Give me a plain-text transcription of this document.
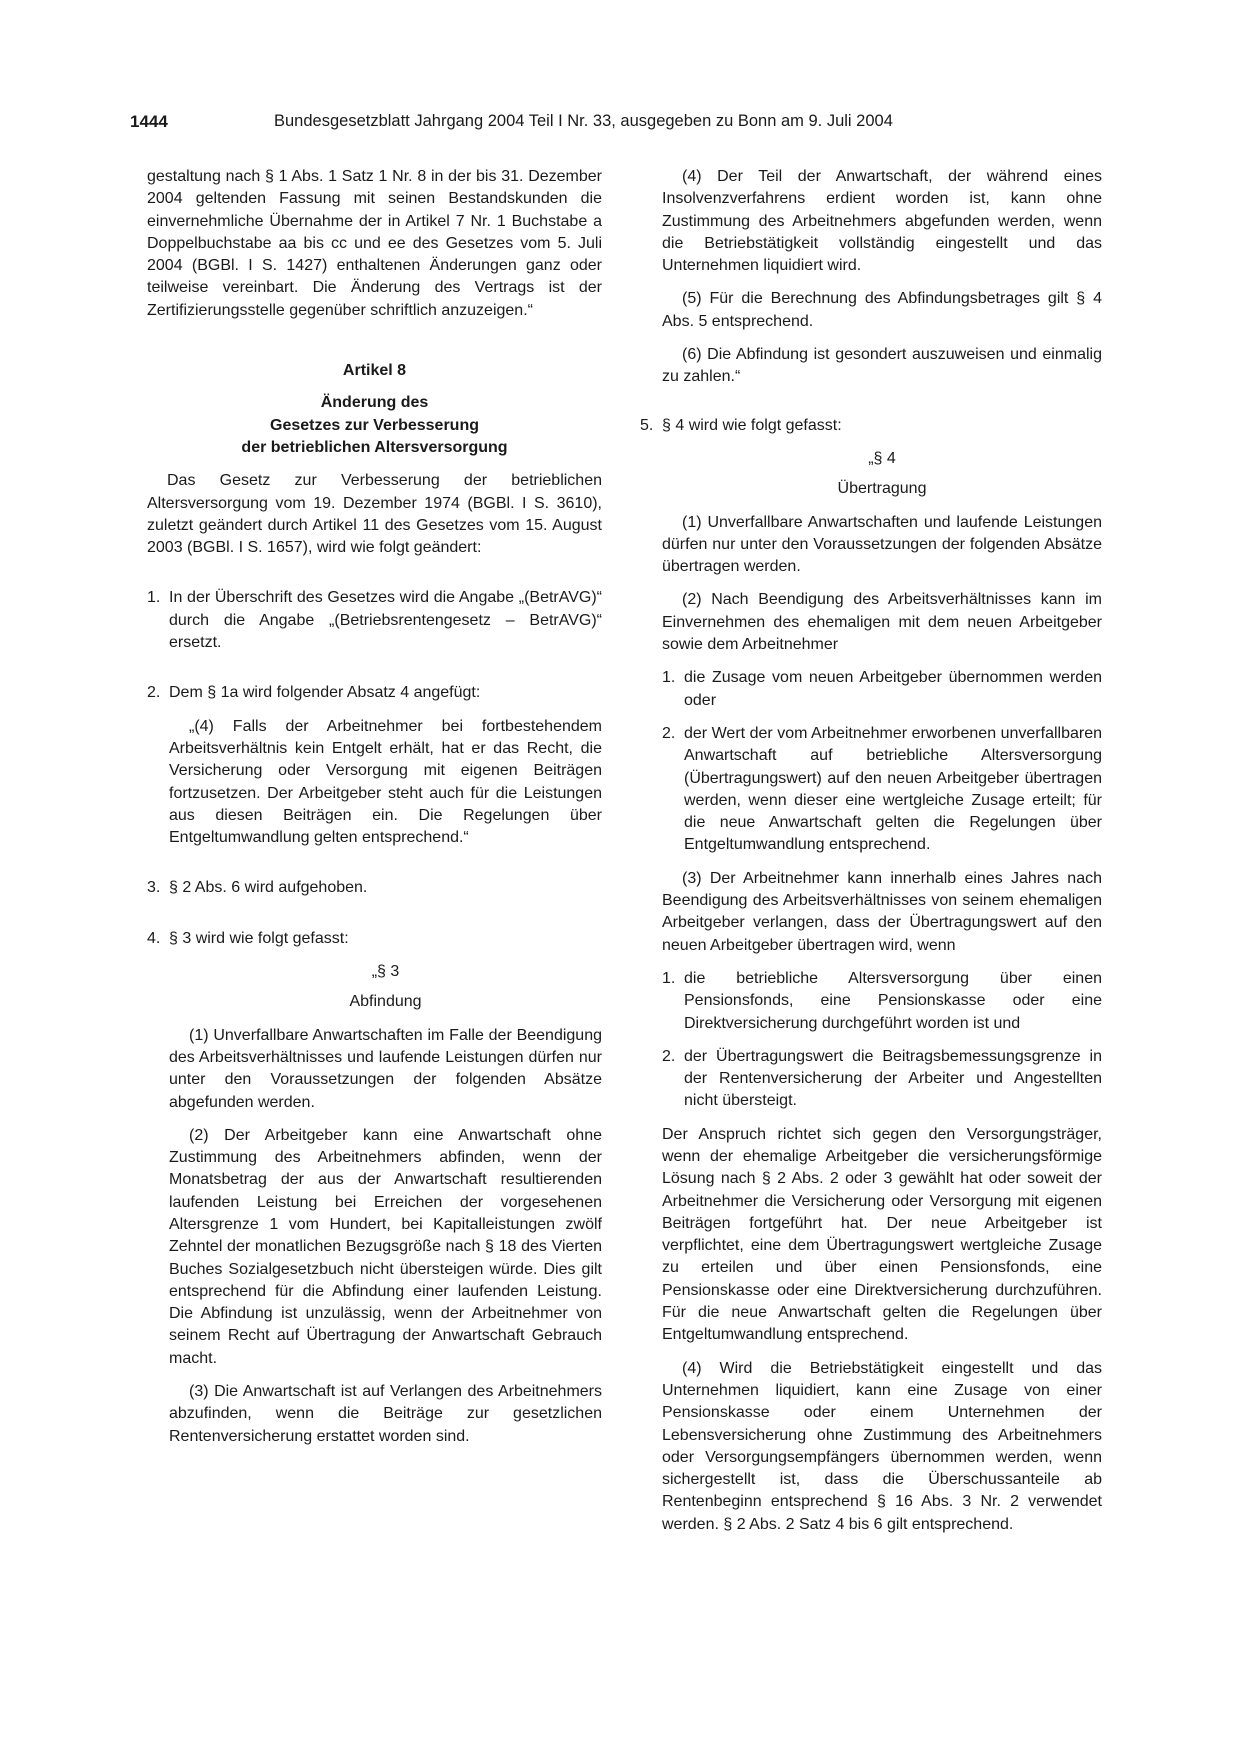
1444	Bundesgesetzblatt Jahrgang 2004 Teil I Nr. 33, ausgegeben zu Bonn am 9. Juli 2004

gestaltung nach § 1 Abs. 1 Satz 1 Nr. 8 in der bis 31. Dezember 2004 geltenden Fassung mit seinen Bestandskunden die einvernehmliche Übernahme der in Artikel 7 Nr. 1 Buchstabe a Doppelbuchstabe aa bis cc und ee des Gesetzes vom 5. Juli 2004 (BGBl. I S. 1427) enthaltenen Änderungen ganz oder teilweise vereinbart. Die Änderung des Vertrags ist der Zertifizierungsstelle gegenüber schriftlich anzuzeigen.“

Artikel 8

Änderung des

Gesetzes zur Verbesserung

der betrieblichen Altersversorgung

Das Gesetz zur Verbesserung der betrieblichen Altersversorgung vom 19. Dezember 1974 (BGBl. I S. 3610), zuletzt geändert durch Artikel 11 des Gesetzes vom 15. August 2003 (BGBl. I S. 1657), wird wie folgt geändert:

1. In der Überschrift des Gesetzes wird die Angabe „(BetrAVG)“ durch die Angabe „(Betriebsrentengesetz – BetrAVG)“ ersetzt.
2. Dem § 1a wird folgender Absatz 4 angefügt:

„(4) Falls der Arbeitnehmer bei fortbestehendem Arbeitsverhältnis kein Entgelt erhält, hat er das Recht, die Versicherung oder Versorgung mit eigenen Beiträgen fortzusetzen. Der Arbeitgeber steht auch für die Leistungen aus diesen Beiträgen ein. Die Regelungen über Entgeltumwandlung gelten entsprechend.“

3. § 2 Abs. 6 wird aufgehoben.
4. § 3 wird wie folgt gefasst:

„§ 3

Abfindung

(1) Unverfallbare Anwartschaften im Falle der Beendigung des Arbeitsverhältnisses und laufende Leistungen dürfen nur unter den Voraussetzungen der folgenden Absätze abgefunden werden.

(2) Der Arbeitgeber kann eine Anwartschaft ohne Zustimmung des Arbeitnehmers abfinden, wenn der Monatsbetrag der aus der Anwartschaft resultierenden laufenden Leistung bei Erreichen der vorgesehenen Altersgrenze 1 vom Hundert, bei Kapitalleistungen zwölf Zehntel der monatlichen Bezugsgröße nach § 18 des Vierten Buches Sozialgesetzbuch nicht übersteigen würde. Dies gilt entsprechend für die Abfindung einer laufenden Leistung. Die Abfindung ist unzulässig, wenn der Arbeitnehmer von seinem Recht auf Übertragung der Anwartschaft Gebrauch macht.

(3) Die Anwartschaft ist auf Verlangen des Arbeitnehmers abzufinden, wenn die Beiträge zur gesetzlichen Rentenversicherung erstattet worden sind.

(4) Der Teil der Anwartschaft, der während eines Insolvenzverfahrens erdient worden ist, kann ohne Zustimmung des Arbeitnehmers abgefunden werden, wenn die Betriebstätigkeit vollständig eingestellt und das Unternehmen liquidiert wird.

(5) Für die Berechnung des Abfindungsbetrages gilt § 4 Abs. 5 entsprechend.

(6) Die Abfindung ist gesondert auszuweisen und einmalig zu zahlen.“

5. § 4 wird wie folgt gefasst:

„§ 4

Übertragung

(1) Unverfallbare Anwartschaften und laufende Leistungen dürfen nur unter den Voraussetzungen der folgenden Absätze übertragen werden.

(2) Nach Beendigung des Arbeitsverhältnisses kann im Einvernehmen des ehemaligen mit dem neuen Arbeitgeber sowie dem Arbeitnehmer

1. die Zusage vom neuen Arbeitgeber übernommen werden oder
2. der Wert der vom Arbeitnehmer erworbenen unverfallbaren Anwartschaft auf betriebliche Altersversorgung (Übertragungswert) auf den neuen Arbeitgeber übertragen werden, wenn dieser eine wertgleiche Zusage erteilt; für die neue Anwartschaft gelten die Regelungen über Entgeltumwandlung entsprechend.

(3) Der Arbeitnehmer kann innerhalb eines Jahres nach Beendigung des Arbeitsverhältnisses von seinem ehemaligen Arbeitgeber verlangen, dass der Übertragungswert auf den neuen Arbeitgeber übertragen wird, wenn

1. die betriebliche Altersversorgung über einen Pensionsfonds, eine Pensionskasse oder eine Direktversicherung durchgeführt worden ist und
2. der Übertragungswert die Beitragsbemessungsgrenze in der Rentenversicherung der Arbeiter und Angestellten nicht übersteigt.

Der Anspruch richtet sich gegen den Versorgungsträger, wenn der ehemalige Arbeitgeber die versicherungsförmige Lösung nach § 2 Abs. 2 oder 3 gewählt hat oder soweit der Arbeitnehmer die Versicherung oder Versorgung mit eigenen Beiträgen fortgeführt hat. Der neue Arbeitgeber ist verpflichtet, eine dem Übertragungswert wertgleiche Zusage zu erteilen und über einen Pensionsfonds, eine Pensionskasse oder eine Direktversicherung durchzuführen. Für die neue Anwartschaft gelten die Regelungen über Entgeltumwandlung entsprechend.

(4) Wird die Betriebstätigkeit eingestellt und das Unternehmen liquidiert, kann eine Zusage von einer Pensionskasse oder einem Unternehmen der Lebensversicherung ohne Zustimmung des Arbeitnehmers oder Versorgungsempfängers übernommen werden, wenn sichergestellt ist, dass die Überschussanteile ab Rentenbeginn entsprechend § 16 Abs. 3 Nr. 2 verwendet werden. § 2 Abs. 2 Satz 4 bis 6 gilt entsprechend.
